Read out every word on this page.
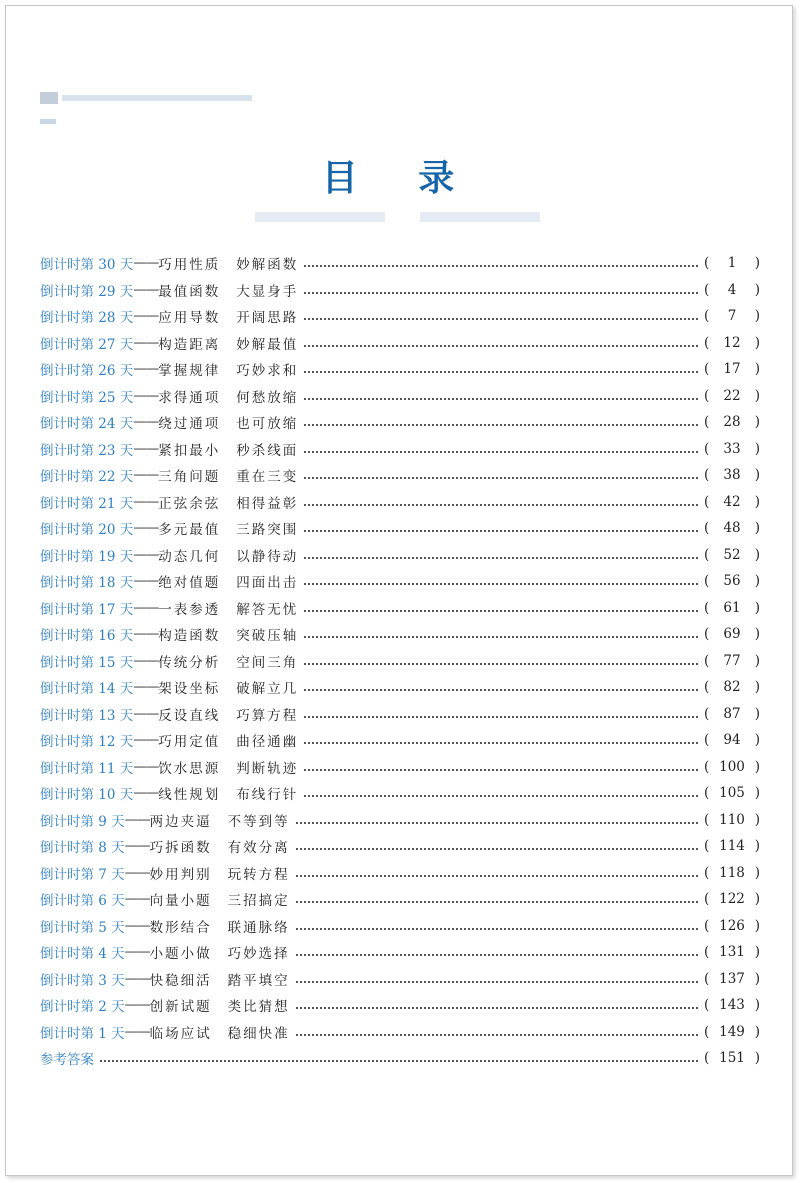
目 录
倒计时第 30 天 —— 巧用性质 妙解函数	(	1	)
倒计时第 29 天 —— 最值函数 大显身手	(	4	)
倒计时第 28 天 —— 应用导数 开阔思路	(	7	)
倒计时第 27 天 —— 构造距离 妙解最值	(	12	)
倒计时第 26 天 —— 掌握规律 巧妙求和	(	17	)
倒计时第 25 天 —— 求得通项 何愁放缩	(	22	)
倒计时第 24 天 —— 绕过通项 也可放缩	(	28	)
倒计时第 23 天 —— 紧扣最小 秒杀线面	(	33	)
倒计时第 22 天 —— 三角问题 重在三变	(	38	)
倒计时第 21 天 —— 正弦余弦 相得益彰	(	42	)
倒计时第 20 天 —— 多元最值 三路突围	(	48	)
倒计时第 19 天 —— 动态几何 以静待动	(	52	)
倒计时第 18 天 —— 绝对值题 四面出击	(	56	)
倒计时第 17 天 —— 一表参透 解答无忧	(	61	)
倒计时第 16 天 —— 构造函数 突破压轴	(	69	)
倒计时第 15 天 —— 传统分析 空间三角	(	77	)
倒计时第 14 天 —— 架设坐标 破解立几	(	82	)
倒计时第 13 天 —— 反设直线 巧算方程	(	87	)
倒计时第 12 天 —— 巧用定值 曲径通幽	(	94	)
倒计时第 11 天 —— 饮水思源 判断轨迹	( 100 )
倒计时第 10 天 —— 线性规划 布线行针	( 105 )
倒计时第 9 天 —— 两边夹逼 不等到等	( 110 )
倒计时第 8 天 —— 巧拆函数 有效分离	( 114 )
倒计时第 7 天 —— 妙用判别 玩转方程	( 118 )
倒计时第 6 天 —— 向量小题 三招搞定	( 122 )
倒计时第 5 天 —— 数形结合 联通脉络	( 126 )
倒计时第 4 天 —— 小题小做 巧妙选择	( 131 )
倒计时第 3 天 —— 快稳细活 踏平填空	( 137 )
倒计时第 2 天 —— 创新试题 类比猜想	( 143 )
倒计时第 1 天 —— 临场应试 稳细快准	( 149 )
参考答案	( 151 )
